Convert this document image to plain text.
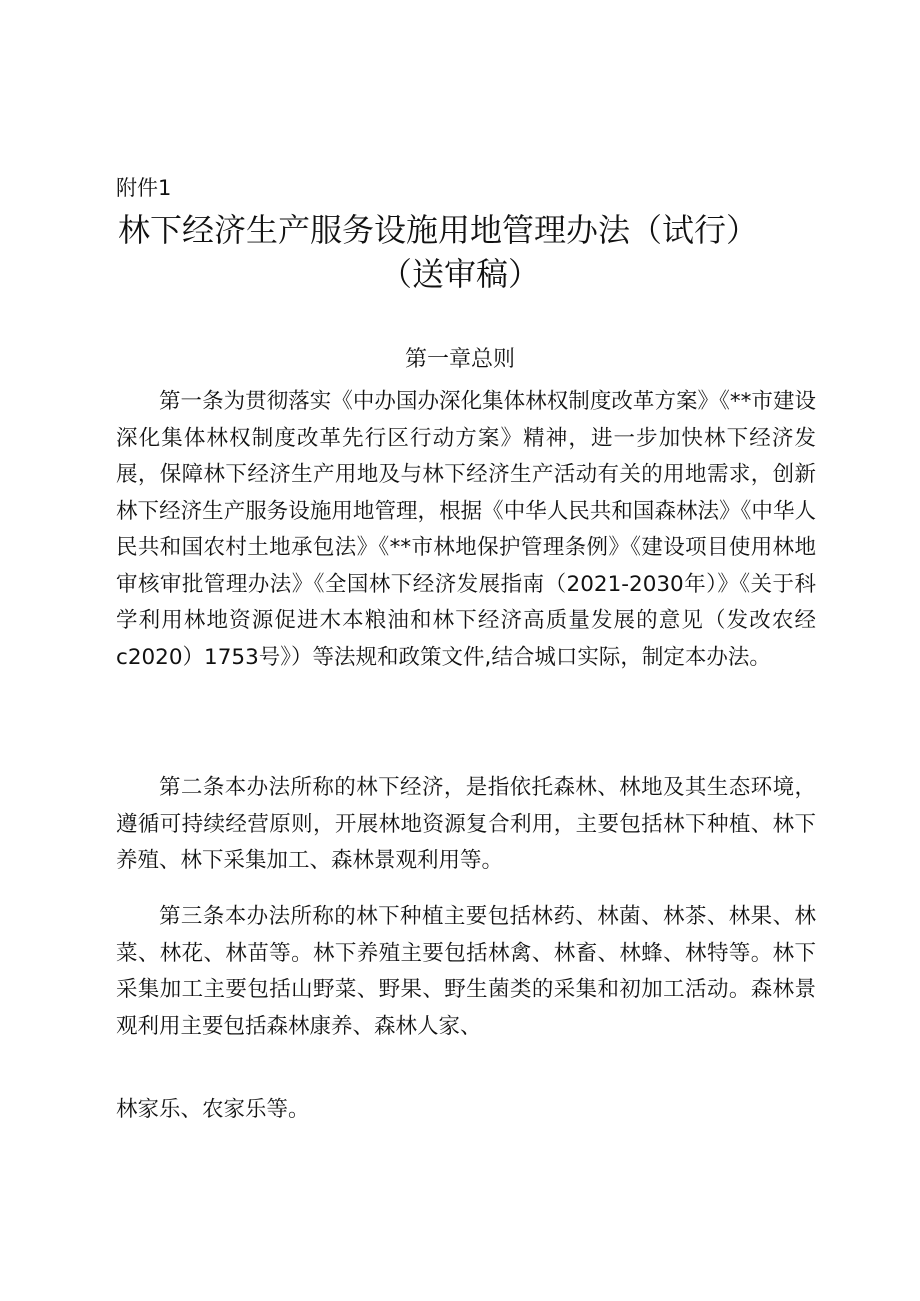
附件1
林下经济生产服务设施用地管理办法（试行）
（送审稿）
第一章总则

第一条为贯彻落实《中办国办深化集体林权制度改革方案》《**市建设深化集体林权制度改革先行区行动方案》精神，进一步加快林下经济发展，保障林下经济生产用地及与林下经济生产活动有关的用地需求，创新林下经济生产服务设施用地管理，根据《中华人民共和国森林法》《中华人民共和国农村土地承包法》《**市林地保护管理条例》《建设项目使用林地审核审批管理办法》《全国林下经济发展指南（2021-2030年）》《关于科学利用林地资源促进木本粮油和林下经济高质量发展的意见（发改农经c2020）1753号》）等法规和政策文件,结合城口实际，制定本办法。

第二条本办法所称的林下经济，是指依托森林、林地及其生态环境，遵循可持续经营原则，开展林地资源复合利用，主要包括林下种植、林下养殖、林下采集加工、森林景观利用等。

第三条本办法所称的林下种植主要包括林药、林菌、林茶、林果、林菜、林花、林苗等。林下养殖主要包括林禽、林畜、林蜂、林特等。林下采集加工主要包括山野菜、野果、野生菌类的采集和初加工活动。森林景观利用主要包括森林康养、森林人家、

林家乐、农家乐等。
